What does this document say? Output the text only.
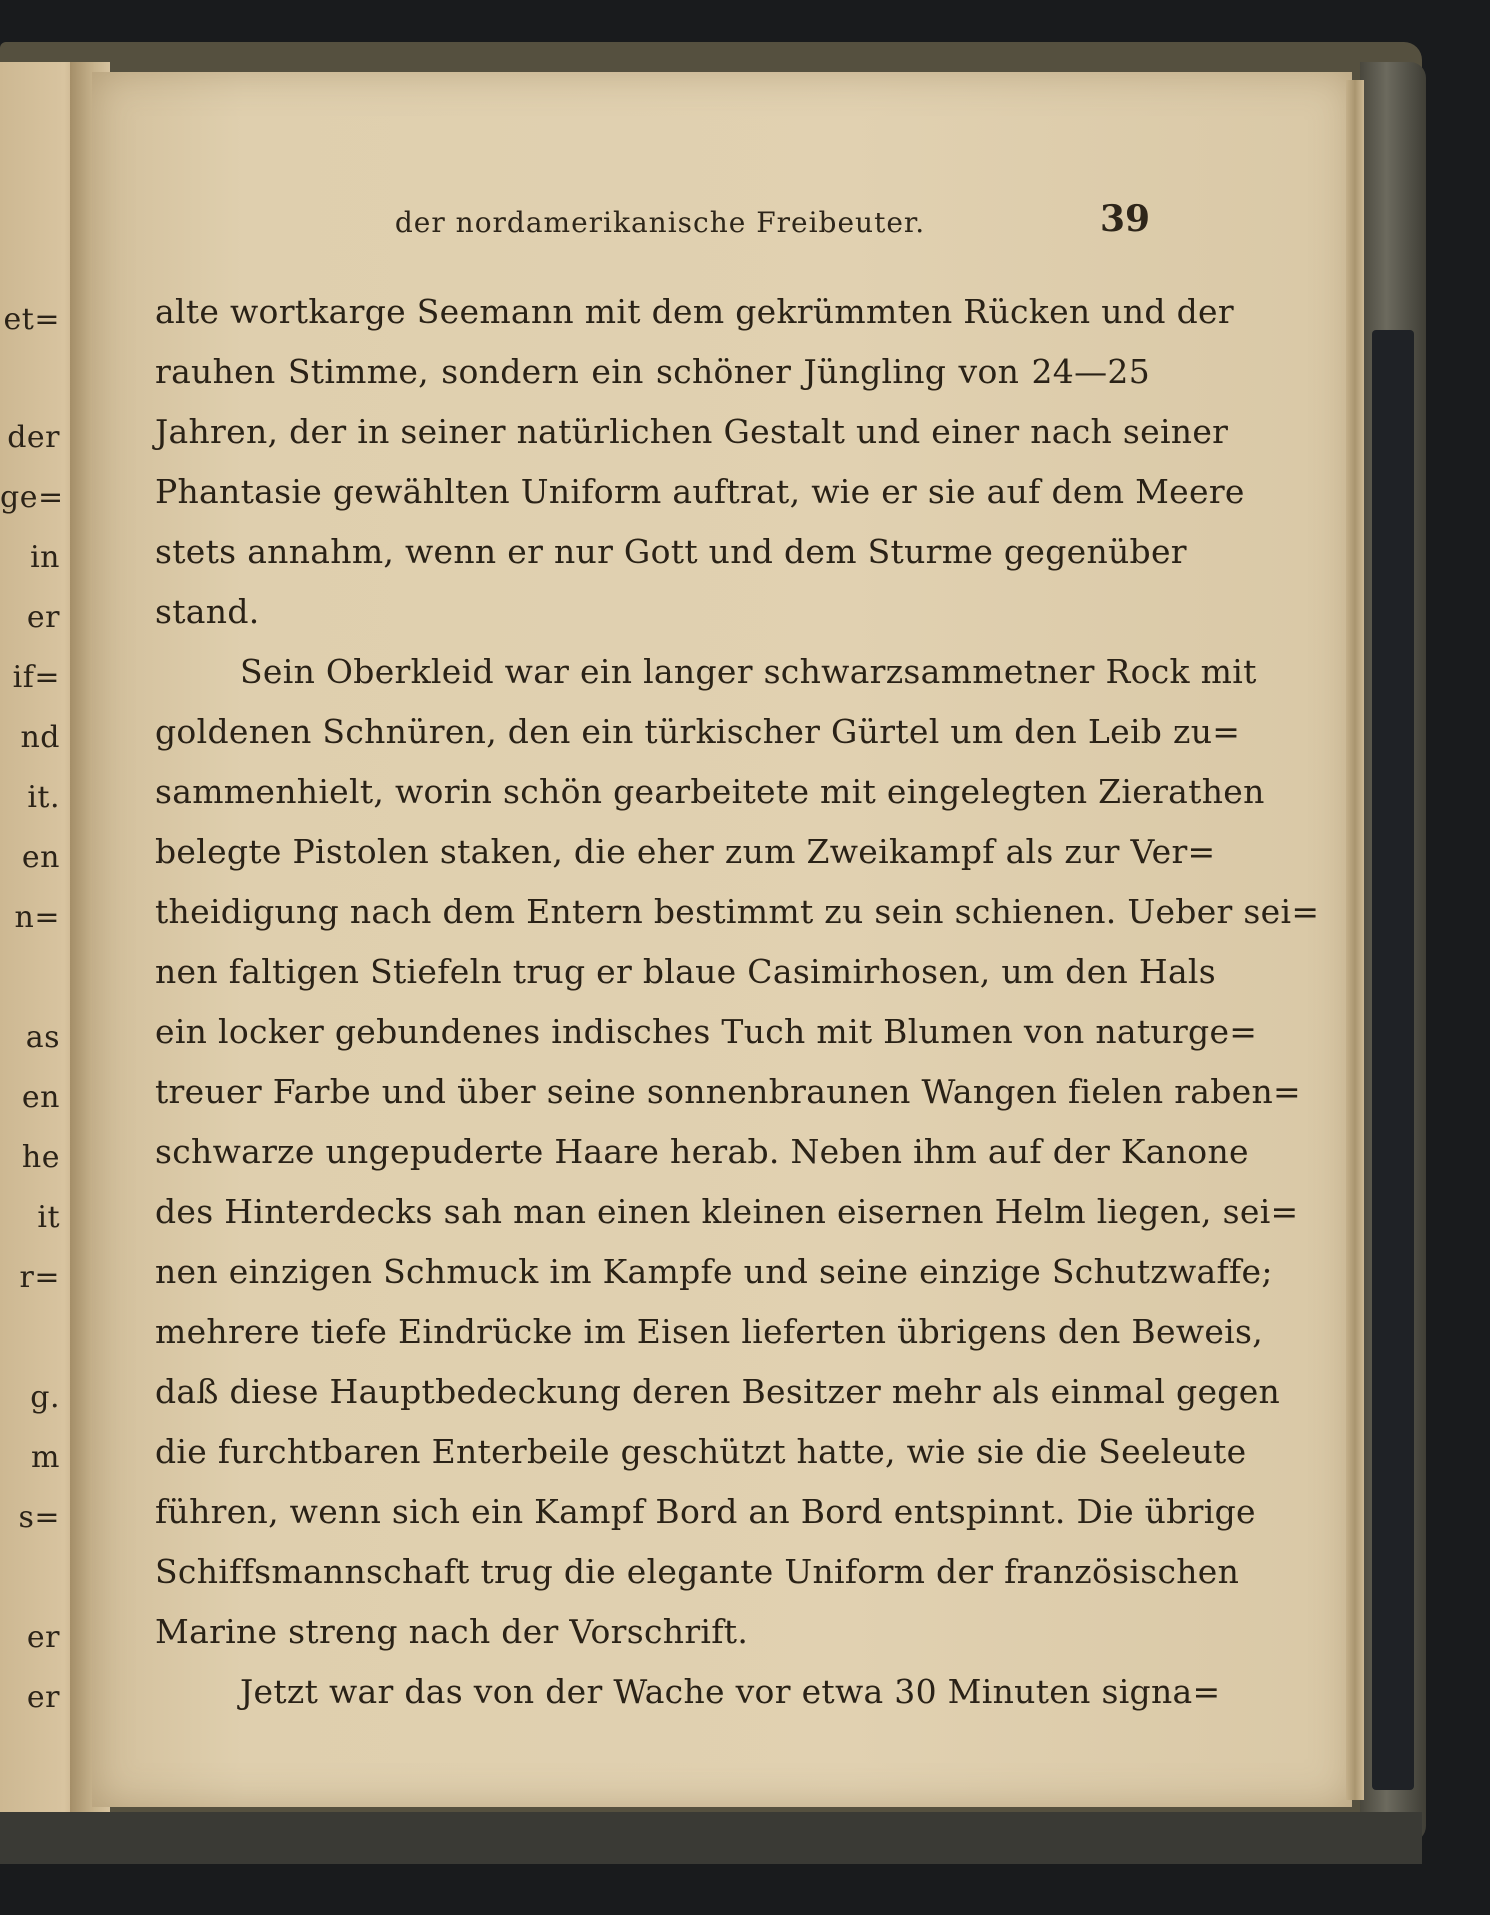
et=
der
ge=
in
er
if=
nd
it.
en
n=
as
en
he
it
r=
g.
m
s=
er
er
der nordamerikanische Freibeuter.	39
alte wortkarge Seemann mit dem gekrümmten Rücken und der
rauhen Stimme, sondern ein schöner Jüngling von 24—25
Jahren, der in seiner natürlichen Gestalt und einer nach seiner
Phantasie gewählten Uniform auftrat, wie er sie auf dem Meere
stets annahm, wenn er nur Gott und dem Sturme gegenüber
stand.
Sein Oberkleid war ein langer schwarzsammetner Rock mit
goldenen Schnüren, den ein türkischer Gürtel um den Leib zu=
sammenhielt, worin schön gearbeitete mit eingelegten Zierathen
belegte Pistolen staken, die eher zum Zweikampf als zur Ver=
theidigung nach dem Entern bestimmt zu sein schienen. Ueber sei=
nen faltigen Stiefeln trug er blaue Casimirhosen, um den Hals
ein locker gebundenes indisches Tuch mit Blumen von naturge=
treuer Farbe und über seine sonnenbraunen Wangen fielen raben=
schwarze ungepuderte Haare herab. Neben ihm auf der Kanone
des Hinterdecks sah man einen kleinen eisernen Helm liegen, sei=
nen einzigen Schmuck im Kampfe und seine einzige Schutzwaffe;
mehrere tiefe Eindrücke im Eisen lieferten übrigens den Beweis,
daß diese Hauptbedeckung deren Besitzer mehr als einmal gegen
die furchtbaren Enterbeile geschützt hatte, wie sie die Seeleute
führen, wenn sich ein Kampf Bord an Bord entspinnt. Die übrige
Schiffsmannschaft trug die elegante Uniform der französischen
Marine streng nach der Vorschrift.
Jetzt war das von der Wache vor etwa 30 Minuten signa=
